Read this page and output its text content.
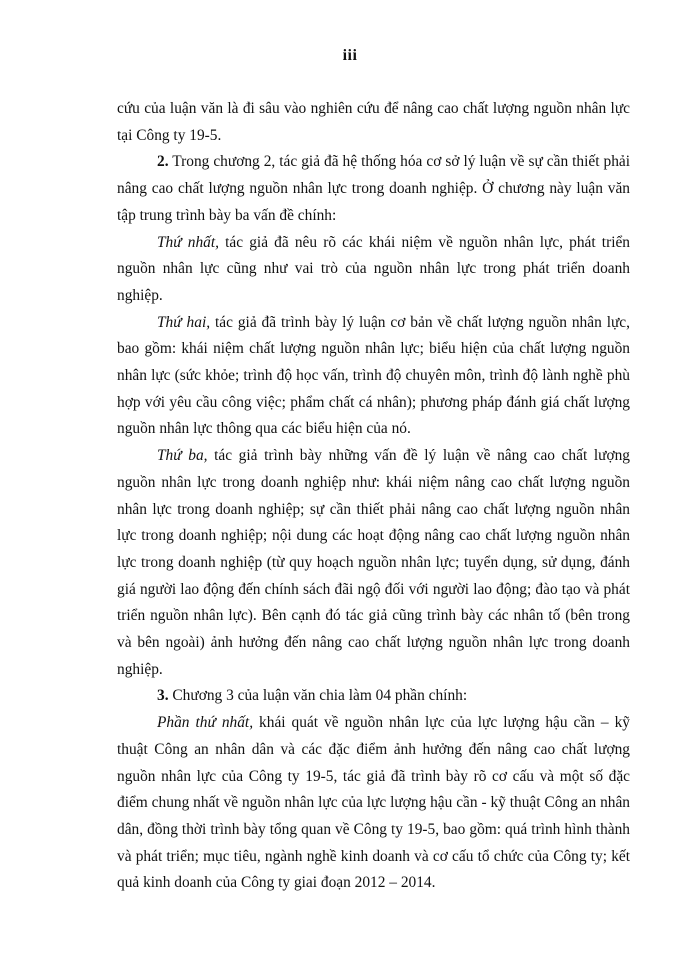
iii

cứu của luận văn là đi sâu vào nghiên cứu để nâng cao chất lượng nguồn nhân lực tại Công ty 19-5.

2. Trong chương 2, tác giả đã hệ thống hóa cơ sở lý luận về sự cần thiết phải nâng cao chất lượng nguồn nhân lực trong doanh nghiệp. Ở chương này luận văn tập trung trình bày ba vấn đề chính:

Thứ nhất, tác giả đã nêu rõ các khái niệm về nguồn nhân lực, phát triển nguồn nhân lực cũng như vai trò của nguồn nhân lực trong phát triển doanh nghiệp.

Thứ hai, tác giả đã trình bày lý luận cơ bản về chất lượng nguồn nhân lực, bao gồm: khái niệm chất lượng nguồn nhân lực; biểu hiện của chất lượng nguồn nhân lực (sức khỏe; trình độ học vấn, trình độ chuyên môn, trình độ lành nghề phù hợp với yêu cầu công việc; phẩm chất cá nhân); phương pháp đánh giá chất lượng nguồn nhân lực thông qua các biểu hiện của nó.

Thứ ba, tác giả trình bày những vấn đề lý luận về nâng cao chất lượng nguồn nhân lực trong doanh nghiệp như: khái niệm nâng cao chất lượng nguồn nhân lực trong doanh nghiệp; sự cần thiết phải nâng cao chất lượng nguồn nhân lực trong doanh nghiệp; nội dung các hoạt động nâng cao chất lượng nguồn nhân lực trong doanh nghiệp (từ quy hoạch nguồn nhân lực; tuyển dụng, sử dụng, đánh giá người lao động đến chính sách đãi ngộ đối với người lao động; đào tạo và phát triển nguồn nhân lực). Bên cạnh đó tác giả cũng trình bày các nhân tố (bên trong và bên ngoài) ảnh hưởng đến nâng cao chất lượng nguồn nhân lực trong doanh nghiệp.

3. Chương 3 của luận văn chia làm 04 phần chính:

Phần thứ nhất, khái quát về nguồn nhân lực của lực lượng hậu cần – kỹ thuật Công an nhân dân và các đặc điểm ảnh hưởng đến nâng cao chất lượng nguồn nhân lực của Công ty 19-5, tác giả đã trình bày rõ cơ cấu và một số đặc điểm chung nhất về nguồn nhân lực của lực lượng hậu cần - kỹ thuật Công an nhân dân, đồng thời trình bày tổng quan về Công ty 19-5, bao gồm: quá trình hình thành và phát triển; mục tiêu, ngành nghề kinh doanh và cơ cấu tổ chức của Công ty; kết quả kinh doanh của Công ty giai đoạn 2012 – 2014.
